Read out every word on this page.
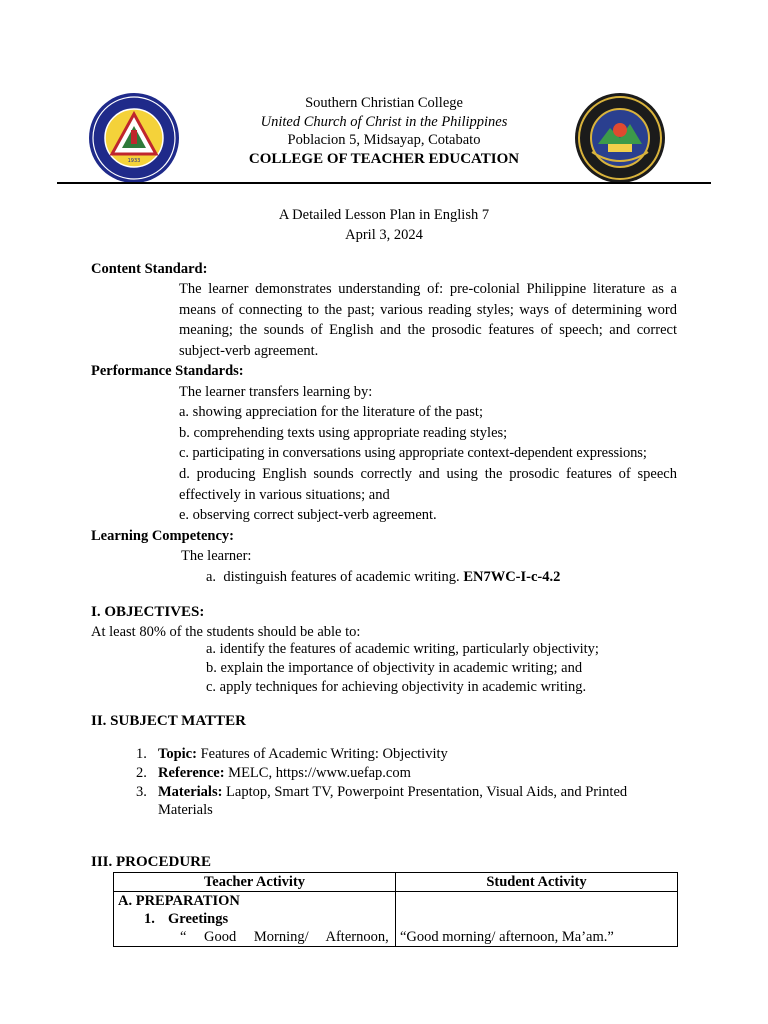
1933
Southern Christian College
United Church of Christ in the Philippines
Poblacion 5, Midsayap, Cotabato
COLLEGE OF TEACHER EDUCATION
A Detailed Lesson Plan in English 7
April 3, 2024
Content Standard:
The learner demonstrates understanding of: pre-colonial Philippine literature as a means of connecting to the past; various reading styles; ways of determining word meaning; the sounds of English and the prosodic features of speech; and correct subject-verb agreement.
Performance Standards:
The learner transfers learning by:
a. showing appreciation for the literature of the past;
b. comprehending texts using appropriate reading styles;
c. participating in conversations using appropriate context-dependent expressions;
d. producing English sounds correctly and using the prosodic features of speech effectively in various situations; and
e. observing correct subject-verb agreement.
Learning Competency:
The learner:
a. distinguish features of academic writing. EN7WC-I-c-4.2
I. OBJECTIVES:
At least 80% of the students should be able to:
a. identify the features of academic writing, particularly objectivity;
b. explain the importance of objectivity in academic writing; and
c. apply techniques for achieving objectivity in academic writing.
II. SUBJECT MATTER
1. Topic: Features of Academic Writing: Objectivity
2. Reference: MELC, https://www.uefap.com
3. Materials: Laptop, Smart TV, Powerpoint Presentation, Visual Aids, and Printed Materials
III. PROCEDURE
Teacher Activity	Student Activity

A. PREPARATION
1. Greetings
“ Good Morning/ Afternoon,	“Good morning/ afternoon, Ma’am.”
